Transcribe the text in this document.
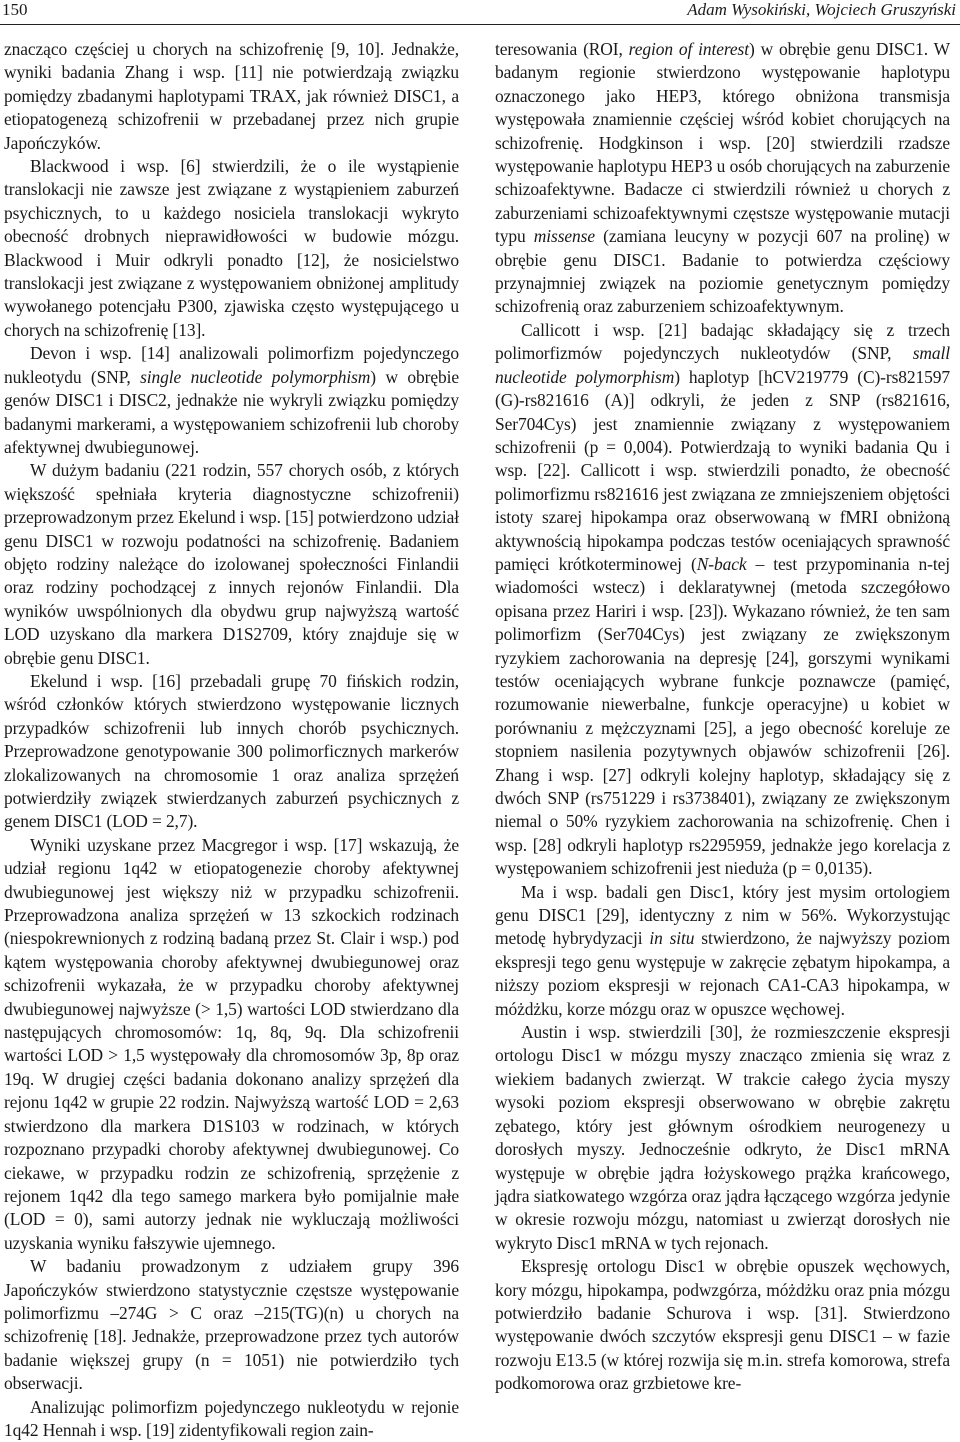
150	Adam Wysokiński, Wojciech Gruszyński

znacząco częściej u chorych na schizofrenię [9, 10]. Jednakże, wyniki badania Zhang i wsp. [11] nie potwierdzają związku pomiędzy zbadanymi haplotypami TRAX, jak również DISC1, a etiopatogenezą schizofrenii w przebadanej przez nich grupie Japończyków.

Blackwood i wsp. [6] stwierdzili, że o ile wystąpienie translokacji nie zawsze jest związane z wystąpieniem zaburzeń psychicznych, to u każdego nosiciela translokacji wykryto obecność drobnych nieprawidłowości w budowie mózgu. Blackwood i Muir odkryli ponadto [12], że nosicielstwo translokacji jest związane z występowaniem obniżonej amplitudy wywołanego potencjału P300, zjawiska często występującego u chorych na schizofrenię [13].

Devon i wsp. [14] analizowali polimorfizm pojedynczego nukleotydu (SNP, single nucleotide polymorphism) w obrębie genów DISC1 i DISC2, jednakże nie wykryli związku pomiędzy badanymi markerami, a występowaniem schizofrenii lub choroby afektywnej dwubiegunowej.

W dużym badaniu (221 rodzin, 557 chorych osób, z których większość spełniała kryteria diagnostyczne schizofrenii) przeprowadzonym przez Ekelund i wsp. [15] potwierdzono udział genu DISC1 w rozwoju podatności na schizofrenię. Badaniem objęto rodziny należące do izolowanej społeczności Finlandii oraz rodziny pochodzącej z innych rejonów Finlandii. Dla wyników uwspólnionych dla obydwu grup najwyższą wartość LOD uzyskano dla markera D1S2709, który znajduje się w obrębie genu DISC1.

Ekelund i wsp. [16] przebadali grupę 70 fińskich rodzin, wśród członków których stwierdzono występowanie licznych przypadków schizofrenii lub innych chorób psychicznych. Przeprowadzone genotypowanie 300 polimorficznych markerów zlokalizowanych na chromosomie 1 oraz analiza sprzężeń potwierdziły związek stwierdzanych zaburzeń psychicznych z genem DISC1 (LOD = 2,7).

Wyniki uzyskane przez Macgregor i wsp. [17] wskazują, że udział regionu 1q42 w etiopatogenezie choroby afektywnej dwubiegunowej jest większy niż w przypadku schizofrenii. Przeprowadzona analiza sprzężeń w 13 szkockich rodzinach (niespokrewnionych z rodziną badaną przez St. Clair i wsp.) pod kątem występowania choroby afektywnej dwubiegunowej oraz schizofrenii wykazała, że w przypadku choroby afektywnej dwubiegunowej najwyższe (> 1,5) wartości LOD stwierdzano dla następujących chromosomów: 1q, 8q, 9q. Dla schizofrenii wartości LOD > 1,5 występowały dla chromosomów 3p, 8p oraz 19q. W drugiej części badania dokonano analizy sprzężeń dla rejonu 1q42 w grupie 22 rodzin. Najwyższą wartość LOD = 2,63 stwierdzono dla markera D1S103 w rodzinach, w których rozpoznano przypadki choroby afektywnej dwubiegunowej. Co ciekawe, w przypadku rodzin ze schizofrenią, sprzężenie z rejonem 1q42 dla tego samego markera było pomijalnie małe (LOD = 0), sami autorzy jednak nie wykluczają możliwości uzyskania wyniku fałszywie ujemnego.

W badaniu prowadzonym z udziałem grupy 396 Japończyków stwierdzono statystycznie częstsze występowanie polimorfizmu –274G > C oraz –215(TG)(n) u chorych na schizofrenię [18]. Jednakże, przeprowadzone przez tych autorów badanie większej grupy (n = 1051) nie potwierdziło tych obserwacji.

Analizując polimorfizm pojedynczego nukleotydu w rejonie 1q42 Hennah i wsp. [19] zidentyfikowali region zain-

teresowania (ROI, region of interest) w obrębie genu DISC1. W badanym regionie stwierdzono występowanie haplotypu oznaczonego jako HEP3, którego obniżona transmisja występowała znamiennie częściej wśród kobiet chorujących na schizofrenię. Hodgkinson i wsp. [20] stwierdzili rzadsze występowanie haplotypu HEP3 u osób chorujących na zaburzenie schizoafektywne. Badacze ci stwierdzili również u chorych z zaburzeniami schizoafektywnymi częstsze występowanie mutacji typu missense (zamiana leucyny w pozycji 607 na prolinę) w obrębie genu DISC1. Badanie to potwierdza częściowy przynajmniej związek na poziomie genetycznym pomiędzy schizofrenią oraz zaburzeniem schizoafektywnym.

Callicott i wsp. [21] badając składający się z trzech polimorfizmów pojedynczych nukleotydów (SNP, small nucleotide polymorphism) haplotyp [hCV219779 (C)-rs821597 (G)-rs821616 (A)] odkryli, że jeden z SNP (rs821616, Ser704Cys) jest znamiennie związany z występowaniem schizofrenii (p = 0,004). Potwierdzają to wyniki badania Qu i wsp. [22]. Callicott i wsp. stwierdzili ponadto, że obecność polimorfizmu rs821616 jest związana ze zmniejszeniem objętości istoty szarej hipokampa oraz obserwowaną w fMRI obniżoną aktywnością hipokampa podczas testów oceniających sprawność pamięci krótkoterminowej (N-back – test przypominania n-tej wiadomości wstecz) i deklaratywnej (metoda szczegółowo opisana przez Hariri i wsp. [23]). Wykazano również, że ten sam polimorfizm (Ser704Cys) jest związany ze zwiększonym ryzykiem zachorowania na depresję [24], gorszymi wynikami testów oceniających wybrane funkcje poznawcze (pamięć, rozumowanie niewerbalne, funkcje operacyjne) u kobiet w porównaniu z mężczyznami [25], a jego obecność koreluje ze stopniem nasilenia pozytywnych objawów schizofrenii [26]. Zhang i wsp. [27] odkryli kolejny haplotyp, składający się z dwóch SNP (rs751229 i rs3738401), związany ze zwiększonym niemal o 50% ryzykiem zachorowania na schizofrenię. Chen i wsp. [28] odkryli haplotyp rs2295959, jednakże jego korelacja z występowaniem schizofrenii jest nieduża (p = 0,0135).

Ma i wsp. badali gen Disc1, który jest mysim ortologiem genu DISC1 [29], identyczny z nim w 56%. Wykorzystując metodę hybrydyzacji in situ stwierdzono, że najwyższy poziom ekspresji tego genu występuje w zakręcie zębatym hipokampa, a niższy poziom ekspresji w rejonach CA1-CA3 hipokampa, w móżdżku, korze mózgu oraz w opuszce węchowej.

Austin i wsp. stwierdzili [30], że rozmieszczenie ekspresji ortologu Disc1 w mózgu myszy znacząco zmienia się wraz z wiekiem badanych zwierząt. W trakcie całego życia myszy wysoki poziom ekspresji obserwowano w obrębie zakrętu zębatego, który jest głównym ośrodkiem neurogenezy u dorosłych myszy. Jednocześnie odkryto, że Disc1 mRNA występuje w obrębie jądra łożyskowego prążka krańcowego, jądra siatkowatego wzgórza oraz jądra łączącego wzgórza jedynie w okresie rozwoju mózgu, natomiast u zwierząt dorosłych nie wykryto Disc1 mRNA w tych rejonach.

Ekspresję ortologu Disc1 w obrębie opuszek węchowych, kory mózgu, hipokampa, podwzgórza, móżdżku oraz pnia mózgu potwierdziło badanie Schurova i wsp. [31]. Stwierdzono występowanie dwóch szczytów ekspresji genu DISC1 – w fazie rozwoju E13.5 (w której rozwija się m.in. strefa komorowa, strefa podkomorowa oraz grzbietowe kre-
